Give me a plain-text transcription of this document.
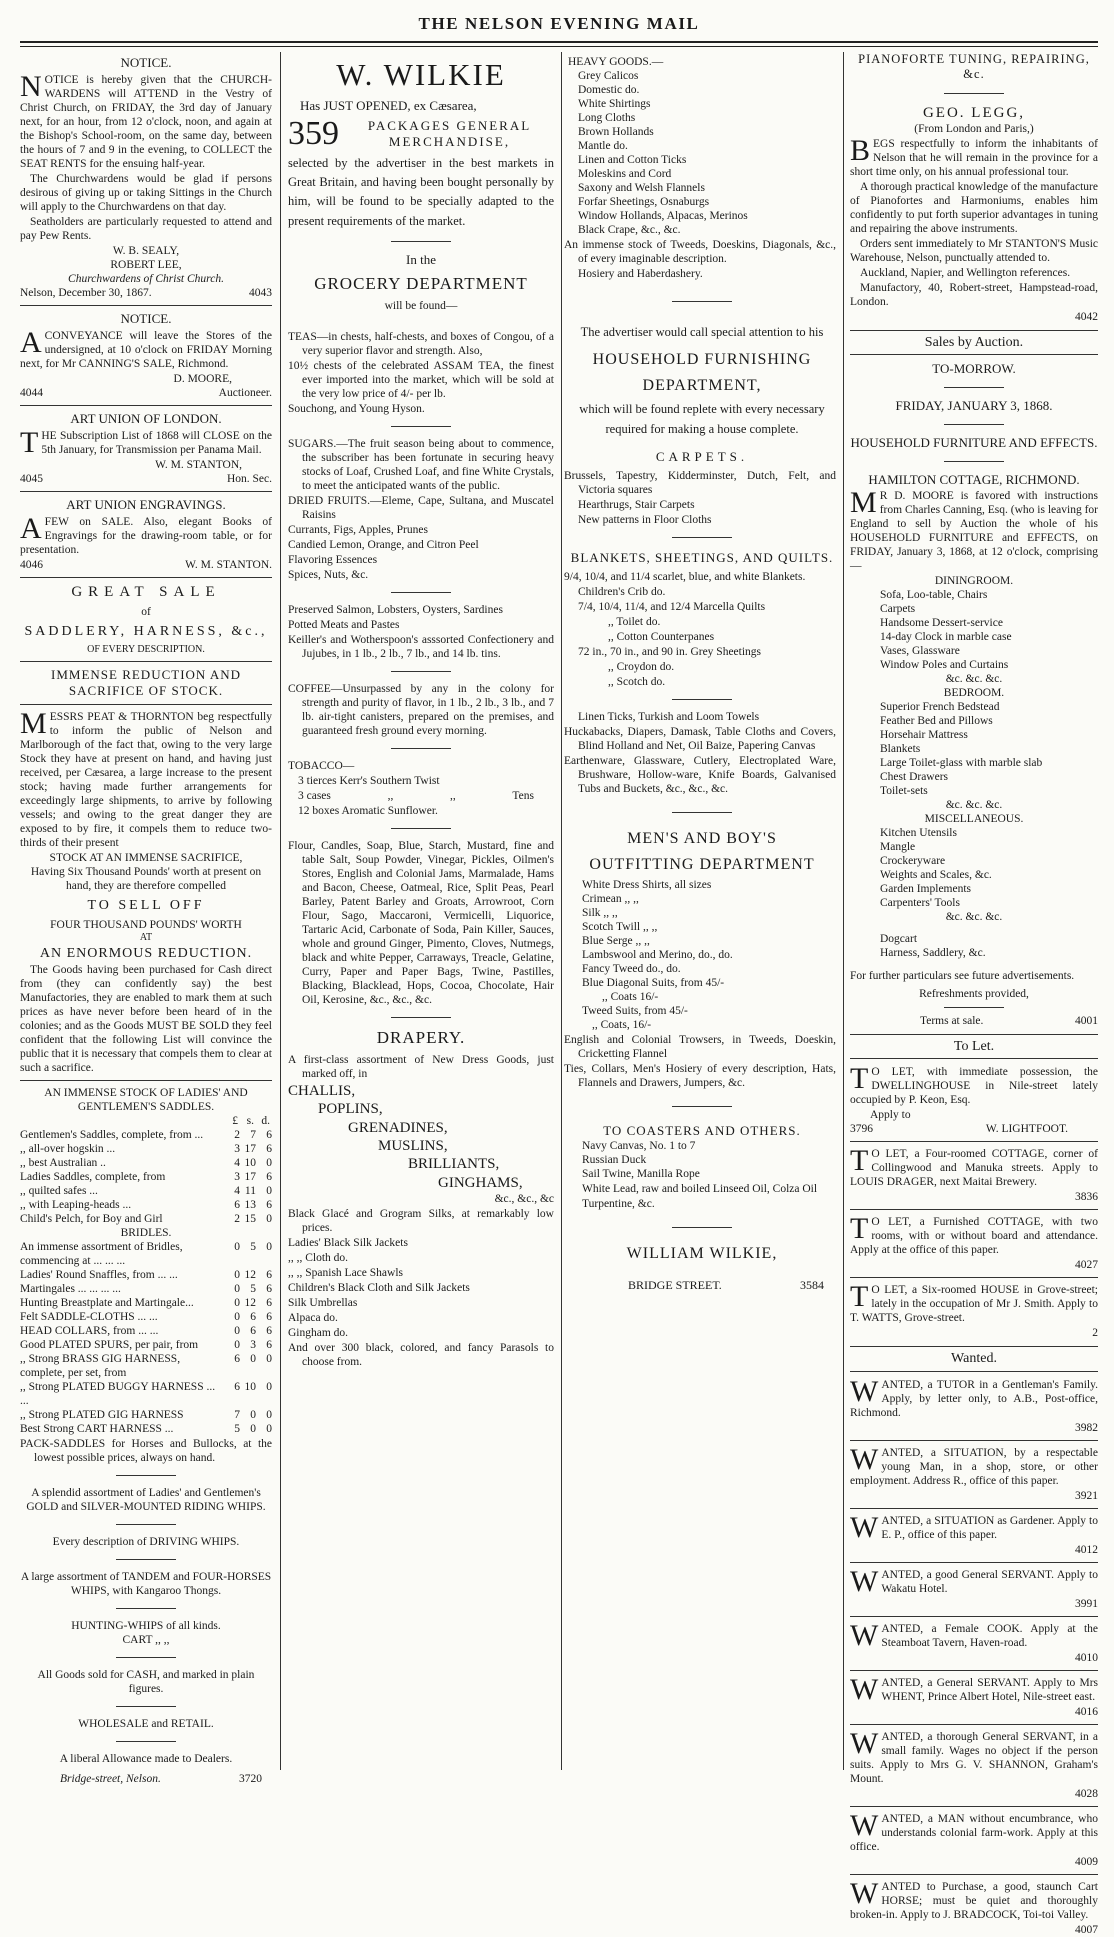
THE NELSON EVENING MAIL
NOTICE.
NOTICE is hereby given that the CHURCH-WARDENS will ATTEND in the Vestry of Christ Church, on FRIDAY, the 3rd day of January next, for an hour, from 12 o'clock, noon, and again at the Bishop's School-room, on the same day, between the hours of 7 and 9 in the evening, to COLLECT the SEAT RENTS for the ensuing half-year.
The Churchwardens would be glad if persons desirous of giving up or taking Sittings in the Church will apply to the Churchwardens on that day.
Seatholders are particularly requested to attend and pay Pew Rents.
W. B. SEALY,
ROBERT LEE,
Churchwardens of Christ Church.
Nelson, December 30, 1867.	4043
NOTICE.
ACONVEYANCE will leave the Stores of the undersigned, at 10 o'clock on FRIDAY Morning next, for Mr CANNING'S SALE, Richmond.
D. MOORE,
4044	Auctioneer.
ART UNION OF LONDON.
THE Subscription List of 1868 will CLOSE on the 5th January, for Transmission per Panama Mail.
W. M. STANTON,
4045	Hon. Sec.
ART UNION ENGRAVINGS.
AFEW on SALE. Also, elegant Books of Engravings for the drawing-room table, or for presentation.
4046	W. M. STANTON.
GREAT SALE
of
SADDLERY, HARNESS, &c.,
OF EVERY DESCRIPTION.
IMMENSE REDUCTION AND SACRIFICE OF STOCK.
MESSRS PEAT & THORNTON beg respectfully to inform the public of Nelson and Marlborough of the fact that, owing to the very large Stock they have at present on hand, and having just received, per Cæsarea, a large increase to the present stock; having made further arrangements for exceedingly large shipments, to arrive by following vessels; and owing to the great danger they are exposed to by fire, it compels them to reduce two-thirds of their present
STOCK AT AN IMMENSE SACRIFICE,
Having Six Thousand Pounds' worth at present on hand, they are therefore compelled
TO SELL OFF
FOUR THOUSAND POUNDS' WORTH
AT
AN ENORMOUS REDUCTION.
The Goods having been purchased for Cash direct from (they can confidently say) the best Manufactories, they are enabled to mark them at such prices as have never before been heard of in the colonies; and as the Goods MUST BE SOLD they feel confident that the following List will convince the public that it is necessary that compels them to clear at such a sacrifice.
AN IMMENSE STOCK OF LADIES' AND GENTLEMEN'S SADDLES.
£ s. d.
Gentlemen's Saddles, complete, from ...	2 7 6
,, all-over hogskin ...	3 17 6
,, best Australian ..	4 10 0
Ladies Saddles, complete, from	3 17 6
,, quilted safes ...	4 11 0
,, with Leaping-heads ...	6 13 6
Child's Pelch, for Boy and Girl	2 15 0
BRIDLES.
An immense assortment of Bridles, commencing at ... ... ...
0 5 0
Ladies' Round Snaffles, from ... ...	0 12 6
Martingales ... ... ... ...	0 5 6
Hunting Breastplate and Martingale...	0 12 6
Felt SADDLE-CLOTHS ... ...	0 6 6
HEAD COLLARS, from ... ...	0 6 6
Good PLATED SPURS, per pair, from	0 3 6
,, Strong BRASS GIG HARNESS, complete, per set, from
6 0 0
,, Strong PLATED BUGGY HARNESS ... ...
6 10 0
,, Strong PLATED GIG HARNESS	7 0 0
Best Strong CART HARNESS ...	5 0 0
PACK-SADDLES for Horses and Bullocks, at the lowest possible prices, always on hand.
A splendid assortment of Ladies' and Gentlemen's GOLD and SILVER-MOUNTED RIDING WHIPS.
Every description of DRIVING WHIPS.
A large assortment of TANDEM and FOUR-HORSES WHIPS, with Kangaroo Thongs.
HUNTING-WHIPS of all kinds.
CART ,, ,,
All Goods sold for CASH, and marked in plain figures.
WHOLESALE and RETAIL.
A liberal Allowance made to Dealers.
Bridge-street, Nelson.	3720
W. WILKIE
Has JUST OPENED, ex Cæsarea,
359	PACKAGES GENERAL
MERCHANDISE,
selected by the advertiser in the best markets in Great Britain, and having been bought personally by him, will be found to be specially adapted to the present requirements of the market.
In the
GROCERY DEPARTMENT
will be found—
TEAS—in chests, half-chests, and boxes of Congou, of a very superior flavor and strength. Also,
10½ chests of the celebrated ASSAM TEA, the finest ever imported into the market, which will be sold at the very low price of 4/- per lb.
Souchong, and Young Hyson.
SUGARS.—The fruit season being about to commence, the subscriber has been fortunate in securing heavy stocks of Loaf, Crushed Loaf, and fine White Crystals, to meet the anticipated wants of the public.
DRIED FRUITS.—Eleme, Cape, Sultana, and Muscatel Raisins
Currants, Figs, Apples, Prunes
Candied Lemon, Orange, and Citron Peel
Flavoring Essences
Spices, Nuts, &c.
Preserved Salmon, Lobsters, Oysters, Sardines
Potted Meats and Pastes
Keiller's and Wotherspoon's asssorted Confectionery and Jujubes, in 1 lb., 2 lb., 7 lb., and 14 lb. tins.
COFFEE—Unsurpassed by any in the colony for strength and purity of flavor, in 1 lb., 2 lb., 3 lb., and 7 lb. air-tight canisters, prepared on the premises, and guaranteed fresh ground every morning.
TOBACCO—
3 tierces Kerr's Southern Twist
3 cases	,,	,,	Tens
12 boxes Aromatic Sunflower.
Flour, Candles, Soap, Blue, Starch, Mustard, fine and table Salt, Soup Powder, Vinegar, Pickles, Oilmen's Stores, English and Colonial Jams, Marmalade, Hams and Bacon, Cheese, Oatmeal, Rice, Split Peas, Pearl Barley, Patent Barley and Groats, Arrowroot, Corn Flour, Sago, Maccaroni, Vermicelli, Liquorice, Tartaric Acid, Carbonate of Soda, Pain Killer, Sauces, whole and ground Ginger, Pimento, Cloves, Nutmegs, black and white Pepper, Carraways, Treacle, Gelatine, Curry, Paper and Paper Bags, Twine, Pastilles, Blacking, Blacklead, Hops, Cocoa, Chocolate, Hair Oil, Kerosine, &c., &c., &c.
DRAPERY.
A first-class assortment of New Dress Goods, just marked off, in
CHALLIS,
POPLINS,
GRENADINES,
MUSLINS,
BRILLIANTS,
GINGHAMS,
&c., &c., &c
Black Glacé and Grogram Silks, at remarkably low prices.
Ladies' Black Silk Jackets
,, ,, Cloth do.
,, ,, Spanish Lace Shawls
Children's Black Cloth and Silk Jackets
Silk Umbrellas
Alpaca do.
Gingham do.
And over 300 black, colored, and fancy Parasols to choose from.
HEAVY GOODS.—
Grey Calicos
Domestic do.
White Shirtings
Long Cloths
Brown Hollands
Mantle do.
Linen and Cotton Ticks
Moleskins and Cord
Saxony and Welsh Flannels
Forfar Sheetings, Osnaburgs
Window Hollands, Alpacas, Merinos
Black Crape, &c., &c.
An immense stock of Tweeds, Doeskins, Diagonals, &c., of every imaginable description.
Hosiery and Haberdashery.
The advertiser would call special attention to his
HOUSEHOLD FURNISHING
DEPARTMENT,
which will be found replete with every necessary required for making a house complete.
CARPETS.
Brussels, Tapestry, Kidderminster, Dutch, Felt, and Victoria squares
Hearthrugs, Stair Carpets
New patterns in Floor Cloths
BLANKETS, SHEETINGS, AND QUILTS.
9/4, 10/4, and 11/4 scarlet, blue, and white Blankets.
Children's Crib do.
7/4, 10/4, 11/4, and 12/4 Marcella Quilts
,, Toilet do.
,, Cotton Counterpanes
72 in., 70 in., and 90 in. Grey Sheetings
,, Croydon do.
,, Scotch do.
Linen Ticks, Turkish and Loom Towels
Huckabacks, Diapers, Damask, Table Cloths and Covers, Blind Holland and Net, Oil Baize, Papering Canvas
Earthenware, Glassware, Cutlery, Electroplated Ware, Brushware, Hollow-ware, Knife Boards, Galvanised Tubs and Buckets, &c., &c., &c.
MEN'S AND BOY'S
OUTFITTING DEPARTMENT
White Dress Shirts, all sizes
Crimean ,, ,,
Silk ,, ,,
Scotch Twill ,, ,,
Blue Serge ,, ,,
Lambswool and Merino, do., do.
Fancy Tweed do., do.
Blue Diagonal Suits, from 45/-
,, Coats 16/-
Tweed Suits, from 45/-
,, Coats, 16/-
English and Colonial Trowsers, in Tweeds, Doeskin, Cricketting Flannel
Ties, Collars, Men's Hosiery of every description, Hats, Flannels and Drawers, Jumpers, &c.
TO COASTERS AND OTHERS.
Navy Canvas, No. 1 to 7
Russian Duck
Sail Twine, Manilla Rope
White Lead, raw and boiled Linseed Oil, Colza Oil
Turpentine, &c.
WILLIAM WILKIE,
BRIDGE STREET.	3584
PIANOFORTE TUNING, REPAIRING, &c.
GEO. LEGG,
(From London and Paris,)
BEGS respectfully to inform the inhabitants of Nelson that he will remain in the province for a short time only, on his annual professional tour.
A thorough practical knowledge of the manufacture of Pianofortes and Harmoniums, enables him confidently to put forth superior advantages in tuning and repairing the above instruments.
Orders sent immediately to Mr STANTON'S Music Warehouse, Nelson, punctually attended to.
Auckland, Napier, and Wellington references.
Manufactory, 40, Robert-street, Hampstead-road, London.
4042
Sales by Auction.
TO-MORROW.
FRIDAY, JANUARY 3, 1868.
HOUSEHOLD FURNITURE AND EFFECTS.
HAMILTON COTTAGE, RICHMOND.
MR D. MOORE is favored with instructions from Charles Canning, Esq. (who is leaving for England to sell by Auction the whole of his HOUSEHOLD FURNITURE and EFFECTS, on FRIDAY, January 3, 1868, at 12 o'clock, comprising—
DININGROOM.
Sofa, Loo-table, Chairs
Carpets
Handsome Dessert-service
14-day Clock in marble case
Vases, Glassware
Window Poles and Curtains
&c. &c. &c.
BEDROOM.
Superior French Bedstead
Feather Bed and Pillows
Horsehair Mattress
Blankets
Large Toilet-glass with marble slab
Chest Drawers
Toilet-sets
&c. &c. &c.
MISCELLANEOUS.
Kitchen Utensils
Mangle
Crockeryware
Weights and Scales, &c.
Garden Implements
Carpenters' Tools
&c. &c. &c.
Dogcart
Harness, Saddlery, &c.
For further particulars see future advertisements.
Refreshments provided,
Terms at sale.	4001
To Let.
TO LET, with immediate possession, the DWELLINGHOUSE in Nile-street lately occupied by P. Keon, Esq.
Apply to
3796	W. LIGHTFOOT.
TO LET, a Four-roomed COTTAGE, corner of Collingwood and Manuka streets. Apply to LOUIS DRAGER, next Maitai Brewery.
3836
TO LET, a Furnished COTTAGE, with two rooms, with or without board and attendance. Apply at the office of this paper.
4027
TO LET, a Six-roomed HOUSE in Grove-street; lately in the occupation of Mr J. Smith. Apply to T. WATTS, Grove-street.
2
Wanted.
WANTED, a TUTOR in a Gentleman's Family. Apply, by letter only, to A.B., Post-office, Richmond.
3982
WANTED, a SITUATION, by a respectable young Man, in a shop, store, or other employment. Address R., office of this paper.
3921
WANTED, a SITUATION as Gardener. Apply to E. P., office of this paper.
4012
WANTED, a good General SERVANT. Apply to Wakatu Hotel.
3991
WANTED, a Female COOK. Apply at the Steamboat Tavern, Haven-road.
4010
WANTED, a General SERVANT. Apply to Mrs WHENT, Prince Albert Hotel, Nile-street east.
4016
WANTED, a thorough General SERVANT, in a small family. Wages no object if the person suits. Apply to Mrs G. V. SHANNON, Graham's Mount.
4028
WANTED, a MAN without encumbrance, who understands colonial farm-work. Apply at this office.
4009
WANTED to Purchase, a good, staunch Cart HORSE; must be quiet and thoroughly broken-in. Apply to J. BRADCOCK, Toi-toi Valley.
4007
